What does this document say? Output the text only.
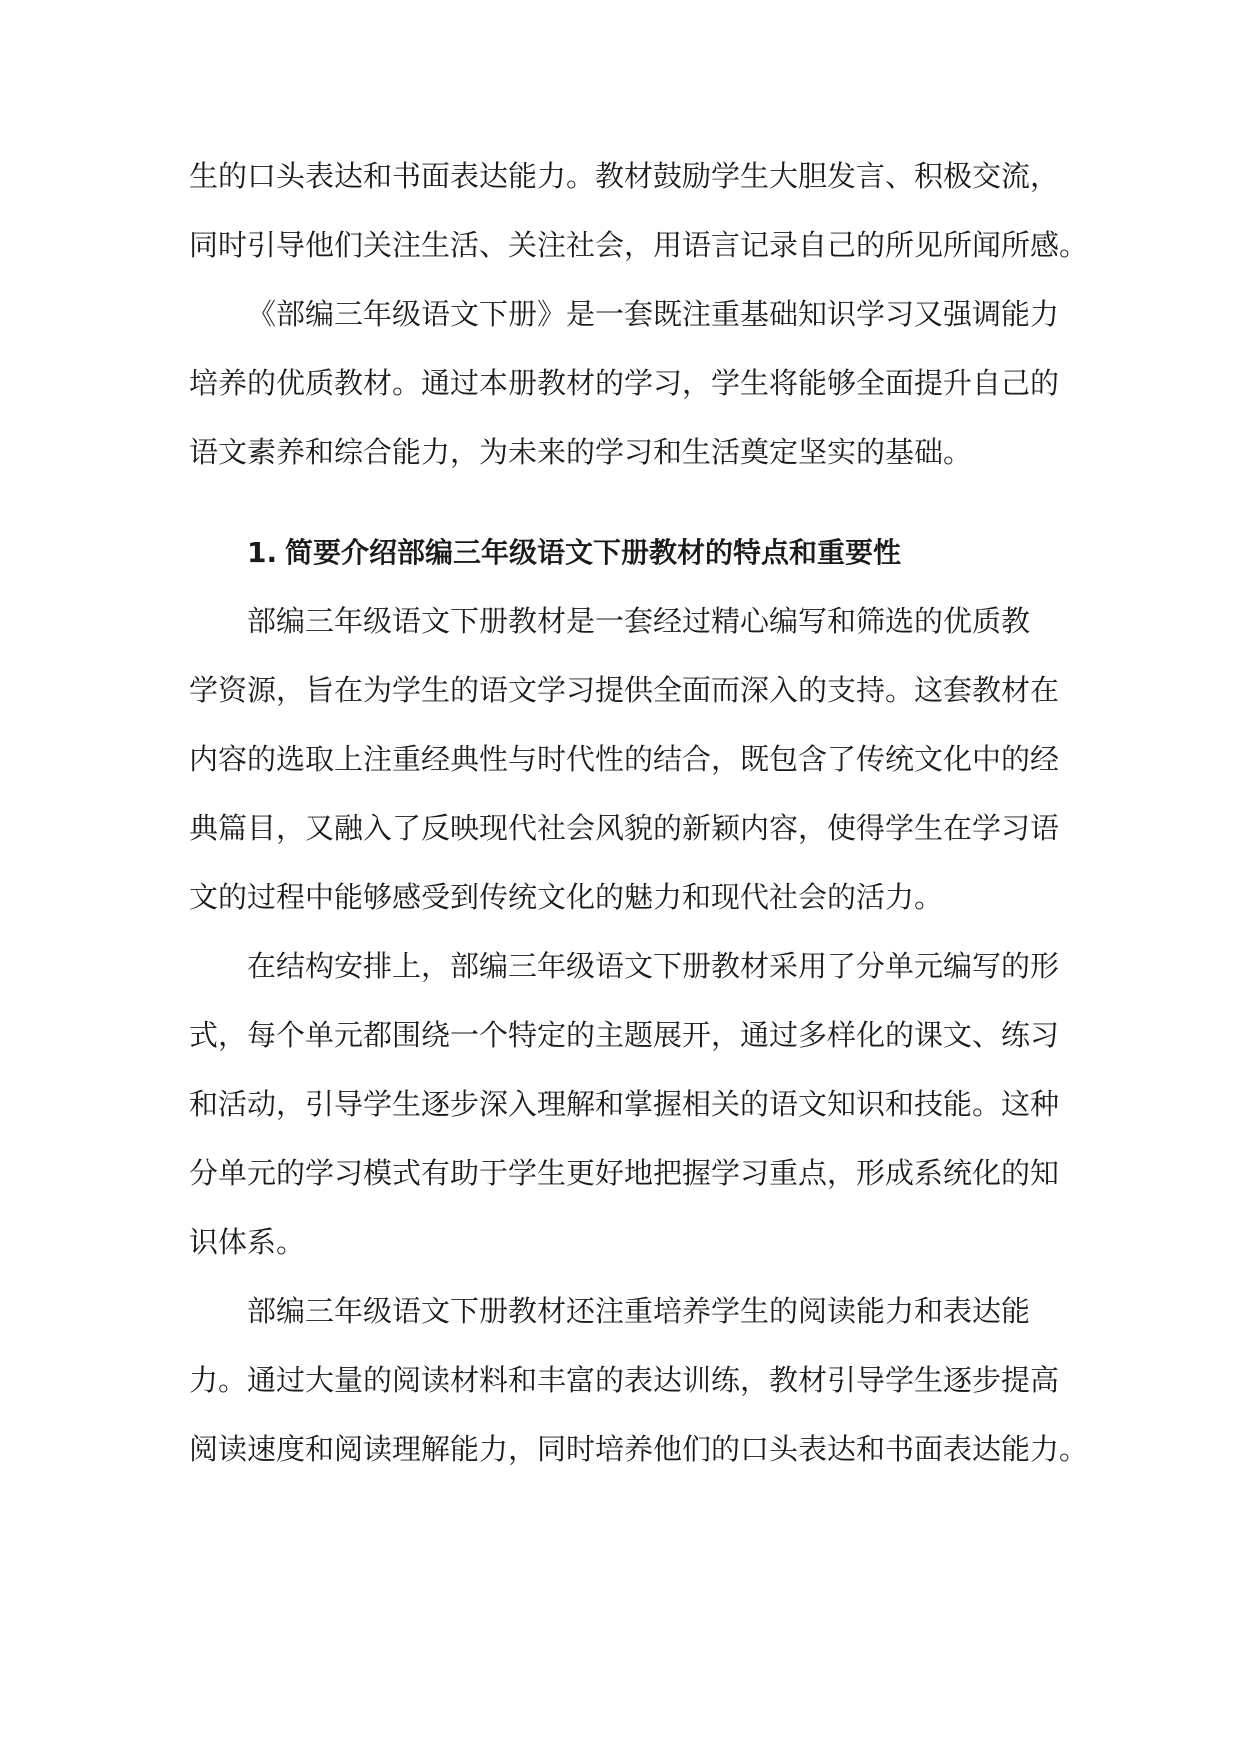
生的口头表达和书面表达能力。教材鼓励学生大胆发言、积极交流，
同时引导他们关注生活、关注社会，用语言记录自己的所见所闻所感。

《部编三年级语文下册》是一套既注重基础知识学习又强调能力
培养的优质教材。通过本册教材的学习，学生将能够全面提升自己的
语文素养和综合能力，为未来的学习和生活奠定坚实的基础。

1. 简要介绍部编三年级语文下册教材的特点和重要性

部编三年级语文下册教材是一套经过精心编写和筛选的优质教
学资源，旨在为学生的语文学习提供全面而深入的支持。这套教材在
内容的选取上注重经典性与时代性的结合，既包含了传统文化中的经
典篇目，又融入了反映现代社会风貌的新颖内容，使得学生在学习语
文的过程中能够感受到传统文化的魅力和现代社会的活力。

在结构安排上，部编三年级语文下册教材采用了分单元编写的形
式，每个单元都围绕一个特定的主题展开，通过多样化的课文、练习
和活动，引导学生逐步深入理解和掌握相关的语文知识和技能。这种
分单元的学习模式有助于学生更好地把握学习重点，形成系统化的知
识体系。

部编三年级语文下册教材还注重培养学生的阅读能力和表达能
力。通过大量的阅读材料和丰富的表达训练，教材引导学生逐步提高
阅读速度和阅读理解能力，同时培养他们的口头表达和书面表达能力。
